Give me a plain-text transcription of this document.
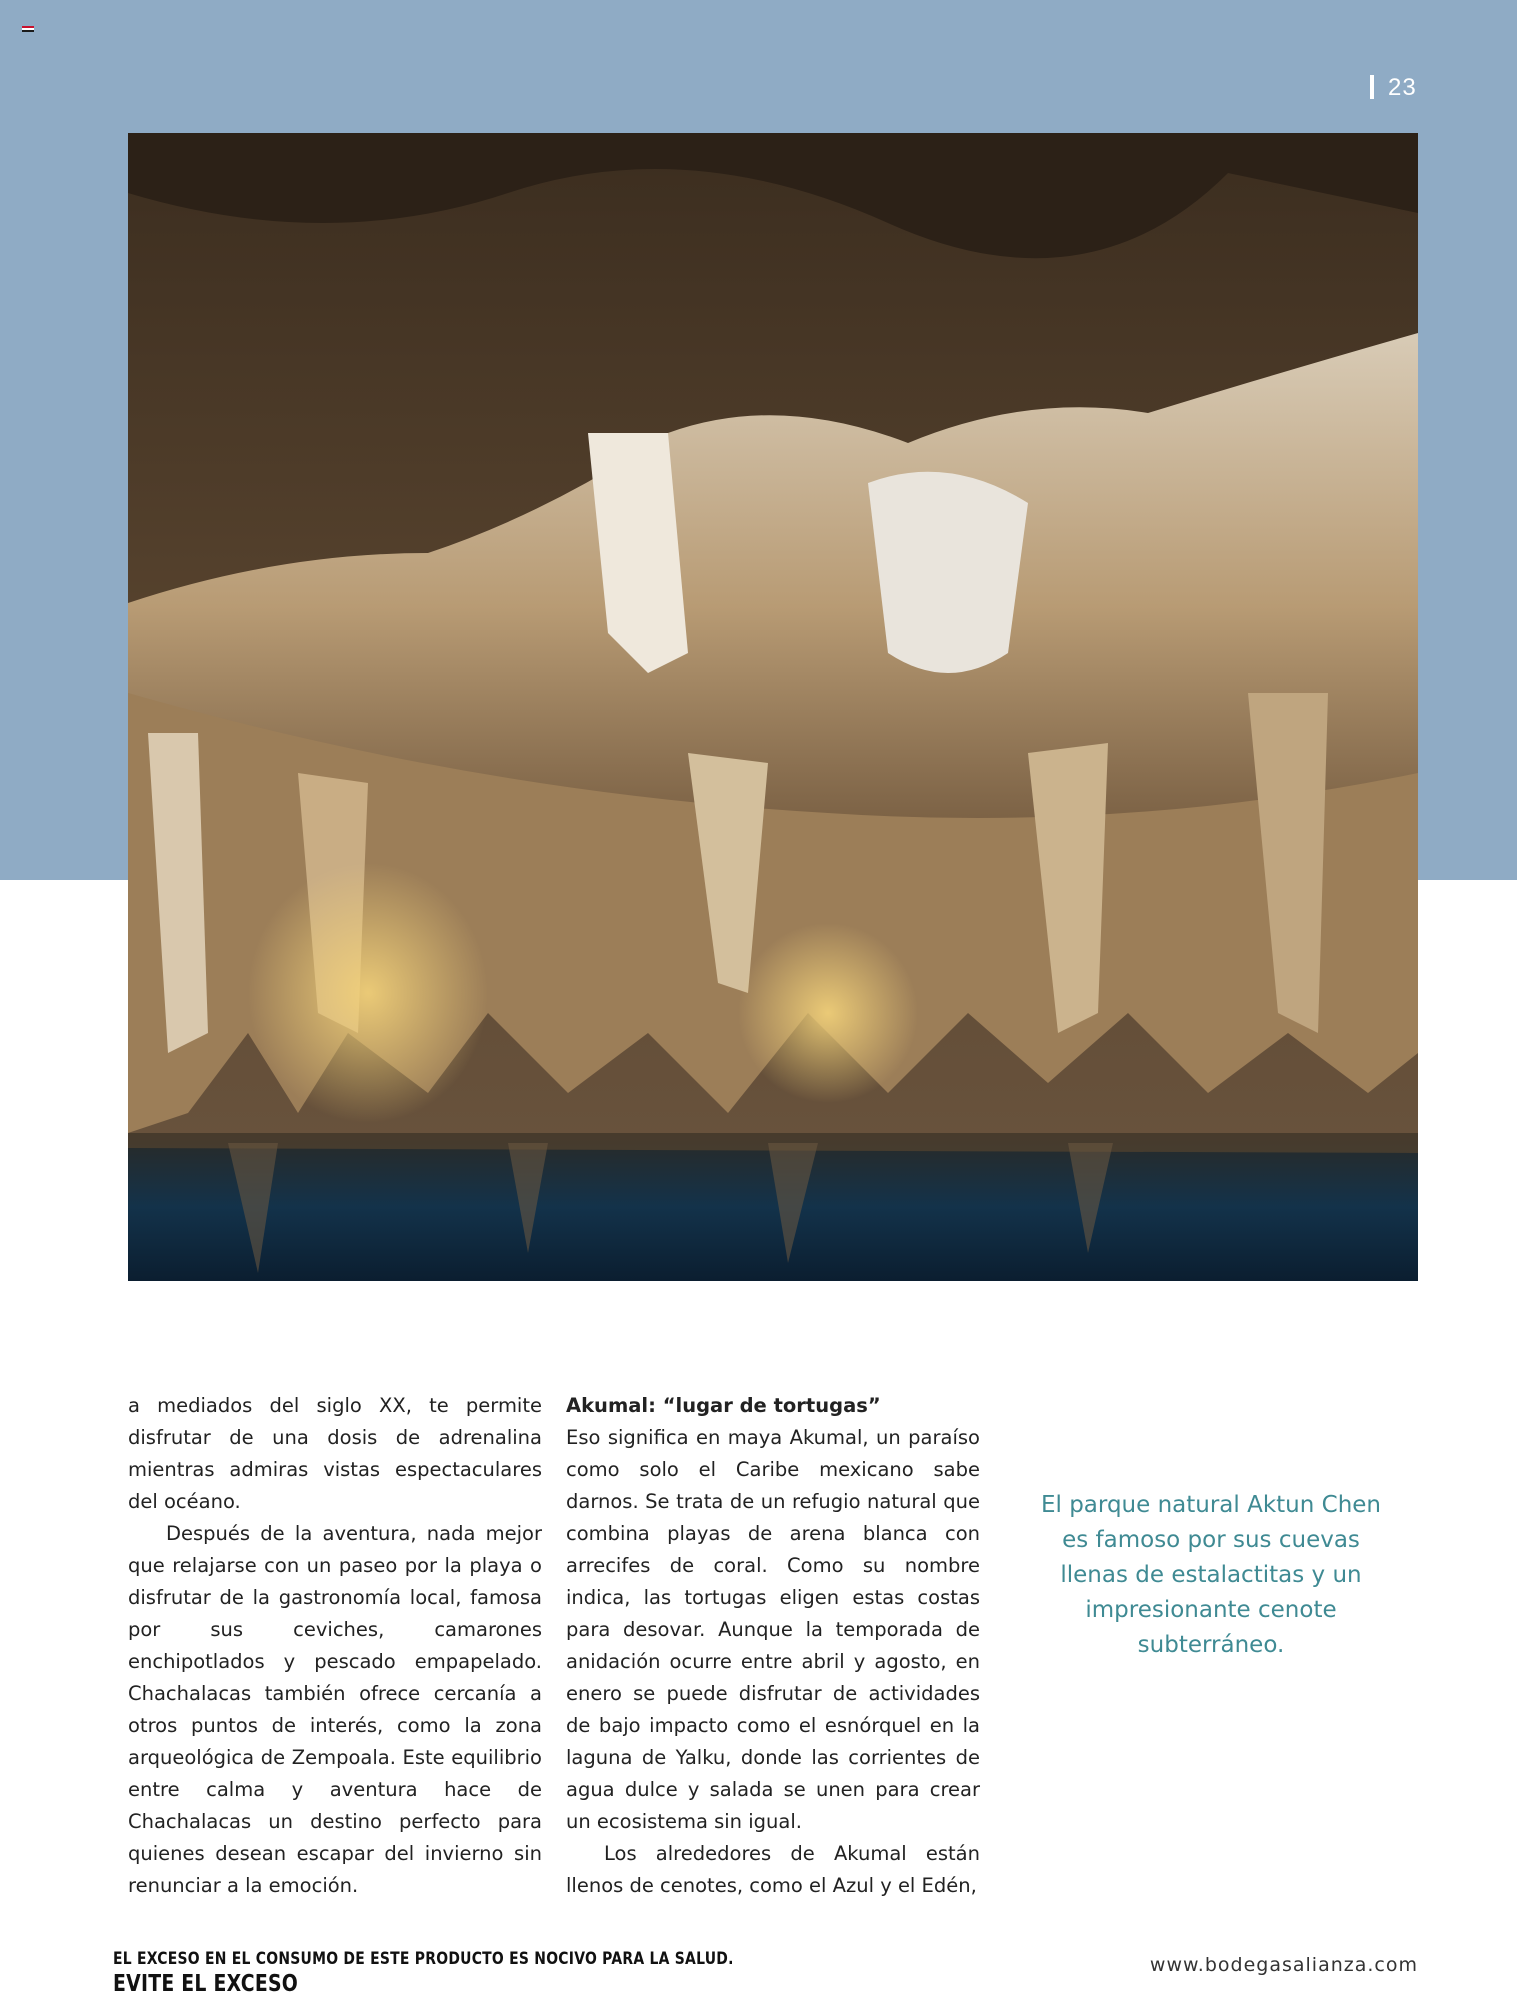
23

a mediados del siglo XX, te permite disfrutar de una dosis de adrenalina mientras admiras vistas espectaculares del océano.

Después de la aventura, nada mejor que relajarse con un paseo por la playa o disfrutar de la gastronomía local, famosa por sus ceviches, camarones enchipotlados y pescado empapelado. Chachalacas también ofrece cercanía a otros puntos de interés, como la zona arqueológica de Zempoala. Este equilibrio entre calma y aventura hace de Chachalacas un destino perfecto para quienes desean escapar del invierno sin renunciar a la emoción.

Akumal: “lugar de tortugas”

Eso significa en maya Akumal, un paraíso como solo el Caribe mexicano sabe darnos. Se trata de un refugio natural que combina playas de arena blanca con arrecifes de coral. Como su nombre indica, las tortugas eligen estas costas para desovar. Aunque la temporada de anidación ocurre entre abril y agosto, en enero se puede disfrutar de actividades de bajo impacto como el esnórquel en la laguna de Yalku, donde las corrientes de agua dulce y salada se unen para crear un ecosistema sin igual.

Los alrededores de Akumal están llenos de cenotes, como el Azul y el Edén,

El parque natural Aktun Chen es famoso por sus cuevas llenas de estalactitas y un impresionante cenote subterráneo.
EL EXCESO EN EL CONSUMO DE ESTE PRODUCTO ES NOCIVO PARA LA SALUD.
EVITE EL EXCESO
www.bodegasalianza.com
